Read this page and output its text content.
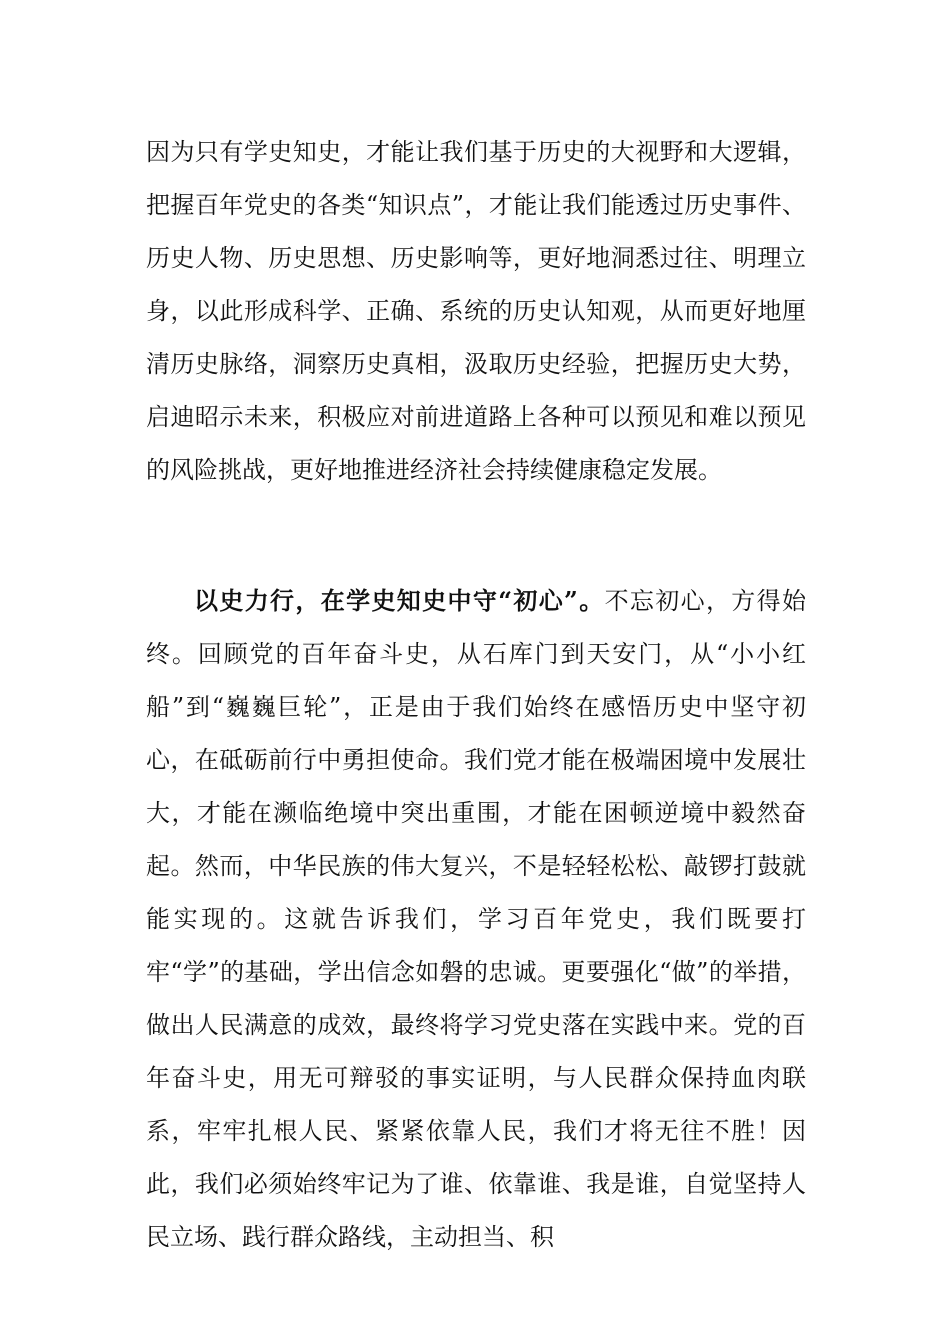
因为只有学史知史，才能让我们基于历史的大视野和大逻辑，把握百年党史的各类“知识点”，才能让我们能透过历史事件、历史人物、历史思想、历史影响等，更好地洞悉过往、明理立身，以此形成科学、正确、系统的历史认知观，从而更好地厘清历史脉络，洞察历史真相，汲取历史经验，把握历史大势，启迪昭示未来，积极应对前进道路上各种可以预见和难以预见的风险挑战，更好地推进经济社会持续健康稳定发展。

以史力行，在学史知史中守“初心”。不忘初心，方得始终。回顾党的百年奋斗史，从石库门到天安门，从“小小红船”到“巍巍巨轮”，正是由于我们始终在感悟历史中坚守初心，在砥砺前行中勇担使命。我们党才能在极端困境中发展壮大，才能在濒临绝境中突出重围，才能在困顿逆境中毅然奋起。然而，中华民族的伟大复兴，不是轻轻松松、敲锣打鼓就能实现的。这就告诉我们，学习百年党史，我们既要打牢“学”的基础，学出信念如磐的忠诚。更要强化“做”的举措，做出人民满意的成效，最终将学习党史落在实践中来。党的百年奋斗史，用无可辩驳的事实证明，与人民群众保持血肉联系，牢牢扎根人民、紧紧依靠人民，我们才将无往不胜！因此，我们必须始终牢记为了谁、依靠谁、我是谁，自觉坚持人民立场、践行群众路线，主动担当、积
